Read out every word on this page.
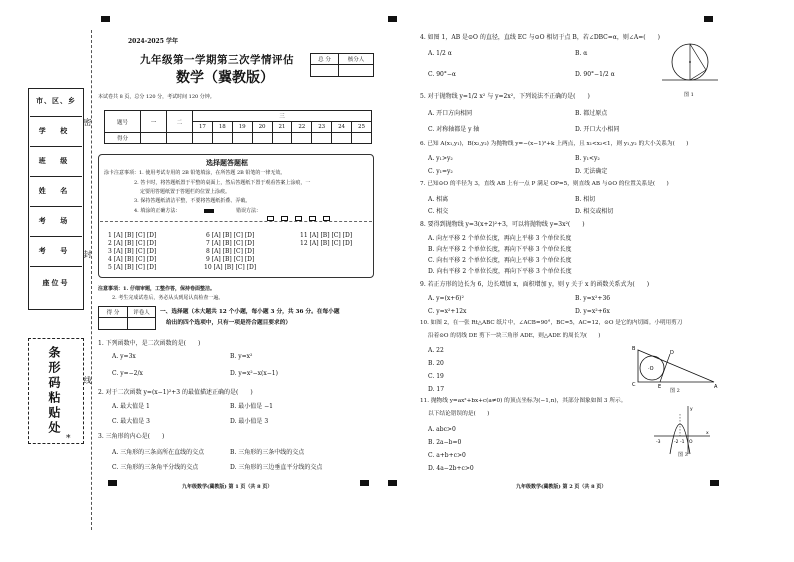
市、区、乡
学 校
班 级
姓 名
考 场
考 号
座位号
条形码粘贴处
*
密
封
线
2024-2025 学年
九年级第一学期第三次学情评估
数学（冀教版）
总 分	核分人

本试卷共 8 页，总分 120 分，考试时间 120 分钟。
题号	一	二	三								
			17	18	19	20	21	22	23	24	25
得分											
选择题答题框
涂卡注意事项：1. 使用考试专用的 2B 铅笔填涂，在所答题 2B 铅笔的一律无效。
2. 答卡时，将答题纸置于平整的桌面上，然后答题纸下置于观看答案上涂痕，一
定要用答题纸置于答题栏的位置上涂痕。
3. 保持答题纸清洁平整，不要将答题纸折叠、弄破。
4. 填涂的正确方法：	错误方法：

1 [A] [B] [C] [D]	6 [A] [B] [C] [D]	11 [A] [B] [C] [D]
2 [A] [B] [C] [D]	7 [A] [B] [C] [D]	12 [A] [B] [C] [D]
3 [A] [B] [C] [D]	8 [A] [B] [C] [D]
4 [A] [B] [C] [D]	9 [A] [B] [C] [D]
5 [A] [B] [C] [D]	10 [A] [B] [C] [D]
注意事项：1. 仔细审题，工整作答，保持卷面整洁。
2. 考生完成试卷后，务必从头到尾认真检查一遍。
得 分	评卷人
	一、选择题（本大题共 12 个小题，每小题 3 分，共 36 分。在每小题
给出的四个选项中，只有一项是符合题目要求的）
1. 下列函数中，是二次函数的是(　　)
A. y=3x	B. y=x²
C. y=−2/x	D. y=x²−x(x−1)
2. 对于二次函数 y=(x−1)²+3 的最值描述正确的是(　　)
A. 最大值是 1	B. 最小值是 −1
C. 最大值是 3	D. 最小值是 3
3. 三角形的内心是(　　)
A. 三角形的三条高所在直线的交点	B. 三角形的三条中线的交点
C. 三角形的三条角平分线的交点	D. 三角形的三边垂直平分线的交点
九年级数学(冀教版) 第 1 页（共 8 页）
4. 如图 1，AB 是⊙O 的直径，直线 EC 与⊙O 相切于点 B，若∠DBC=α，则∠A=(　　)
A. 1/2 α	B. α
C. 90°−α	D. 90°−1/2 α
图 1
5. 对于抛物线 y=1/2 x² 与 y=2x²，下列说法不正确的是(　　)
A. 开口方向相同	B. 都过原点
C. 对称轴都是 y 轴	D. 开口大小相同
6. 已知 A(x₁,y₁)，B(x₂,y₂) 为抛物线 y=−(x−1)²+k 上两点，且 x₁<x₂<1，则 y₁,y₂ 的大小关系为(　　)
A. y₁>y₂	B. y₁<y₂
C. y₁=y₂	D. 无法确定
7. 已知⊙O 的半径为 3，直线 AB 上有一点 P 满足 OP=5，则直线 AB 与⊙O 的位置关系是(　　)
A. 相离	B. 相切
C. 相交	D. 相交或相切
8. 要得到抛物线 y=3(x+2)²+3，可以将抛物线 y=3x²(　　)
A. 向左平移 2 个单位长度，再向上平移 3 个单位长度
B. 向左平移 2 个单位长度，再向下平移 3 个单位长度
C. 向右平移 2 个单位长度，再向上平移 3 个单位长度
D. 向右平移 2 个单位长度，再向下平移 3 个单位长度
9. 若正方形的边长为 6，边长增加 x，面积增加 y，则 y 关于 x 的函数关系式为(　　)
A. y=(x+6)²	B. y=x²+36
C. y=x²+12x	D. y=x²+6x
10. 如图 2，在一张 Rt△ABC 纸片中，∠ACB=90°，BC=5，AC=12，⊙O 是它的内切圆。小明用剪刀
沿着⊙O 的切线 DE 剪下一块三角形 ADE，则△ADE 的周长为(　　)
A. 22
B. 20
C. 19
D. 17
B
C	A
·O
D
E
图 2
11. 抛物线 y=ax²+bx+c(a≠0) 的顶点坐标为(−1,n)，其部分图象如图 3 所示。
以下结论错误的是(　　)
A. abc>0
B. 2a−b=0
C. a+b+c>0
D. 4a−2b+c>0
-3	-2 -1 O
x
y
图 3
九年级数学(冀教版) 第 2 页（共 8 页）
